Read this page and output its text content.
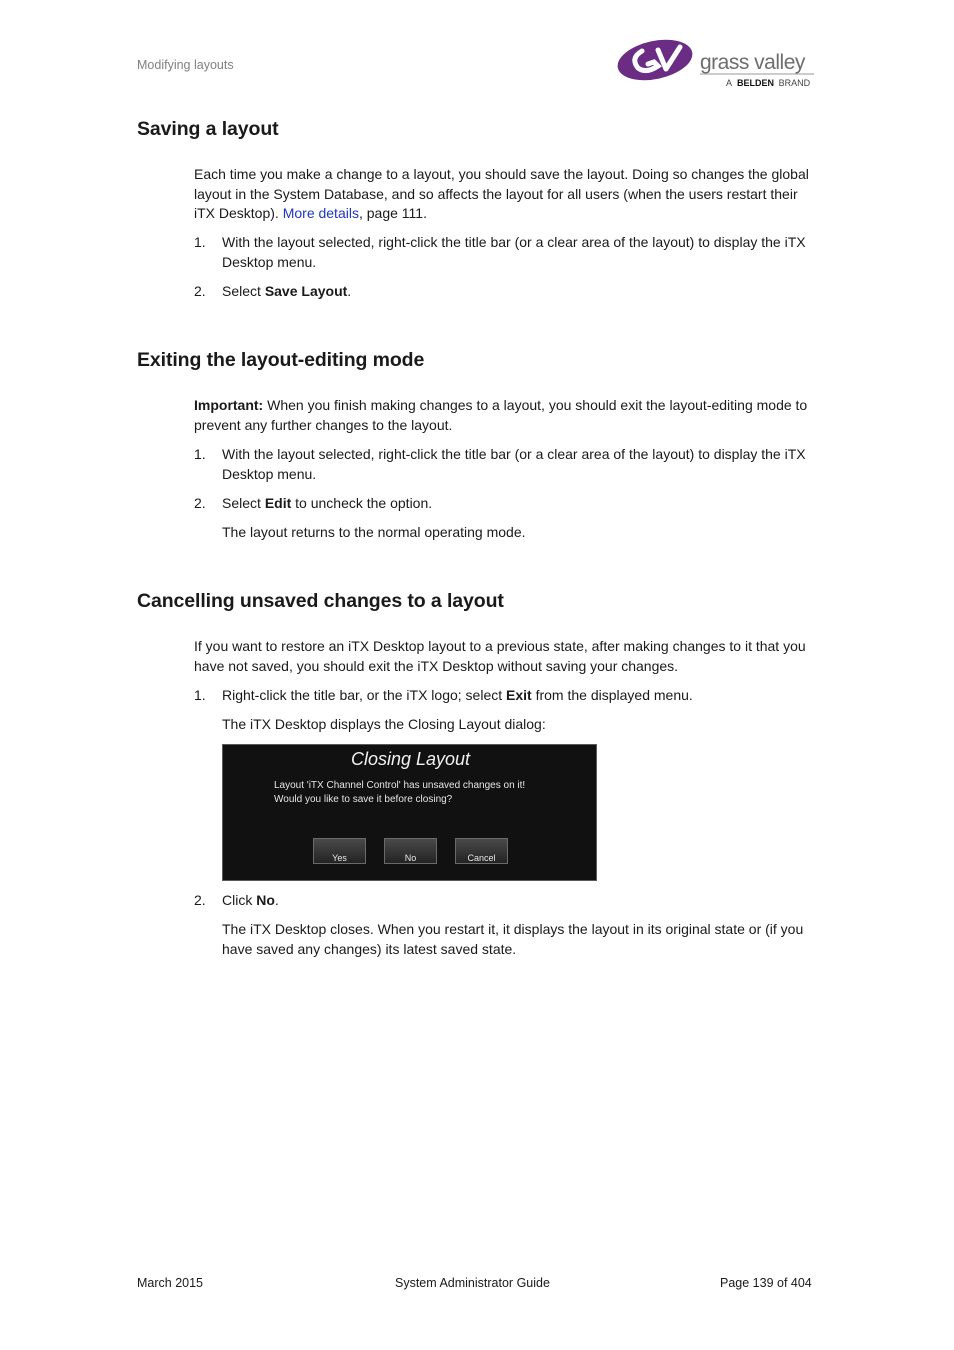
Modifying layouts	grass valley
A BELDEN BRAND
Saving a layout

Each time you make a change to a layout, you should save the layout. Doing so changes the global layout in the System Database, and so affects the layout for all users (when the users restart their iTX Desktop). More details, page 111.

1. With the layout selected, right-click the title bar (or a clear area of the layout) to display the iTX Desktop menu.
2. Select Save Layout.
Exiting the layout-editing mode

Important: When you finish making changes to a layout, you should exit the layout-editing mode to prevent any further changes to the layout.

1. With the layout selected, right-click the title bar (or a clear area of the layout) to display the iTX Desktop menu.
2. Select Edit to uncheck the option.

The layout returns to the normal operating mode.

Cancelling unsaved changes to a layout

If you want to restore an iTX Desktop layout to a previous state, after making changes to it that you have not saved, you should exit the iTX Desktop without saving your changes.

1. Right-click the title bar, or the iTX logo; select Exit from the displayed menu.

The iTX Desktop displays the Closing Layout dialog:

Closing Layout
Layout 'iTX Channel Control' has unsaved changes on it!
Would you like to save it before closing?
Yes	No	Cancel
2. Click No.

The iTX Desktop closes. When you restart it, it displays the layout in its original state or (if you have saved any changes) its latest saved state.

March 2015	System Administrator Guide	Page 139 of 404
